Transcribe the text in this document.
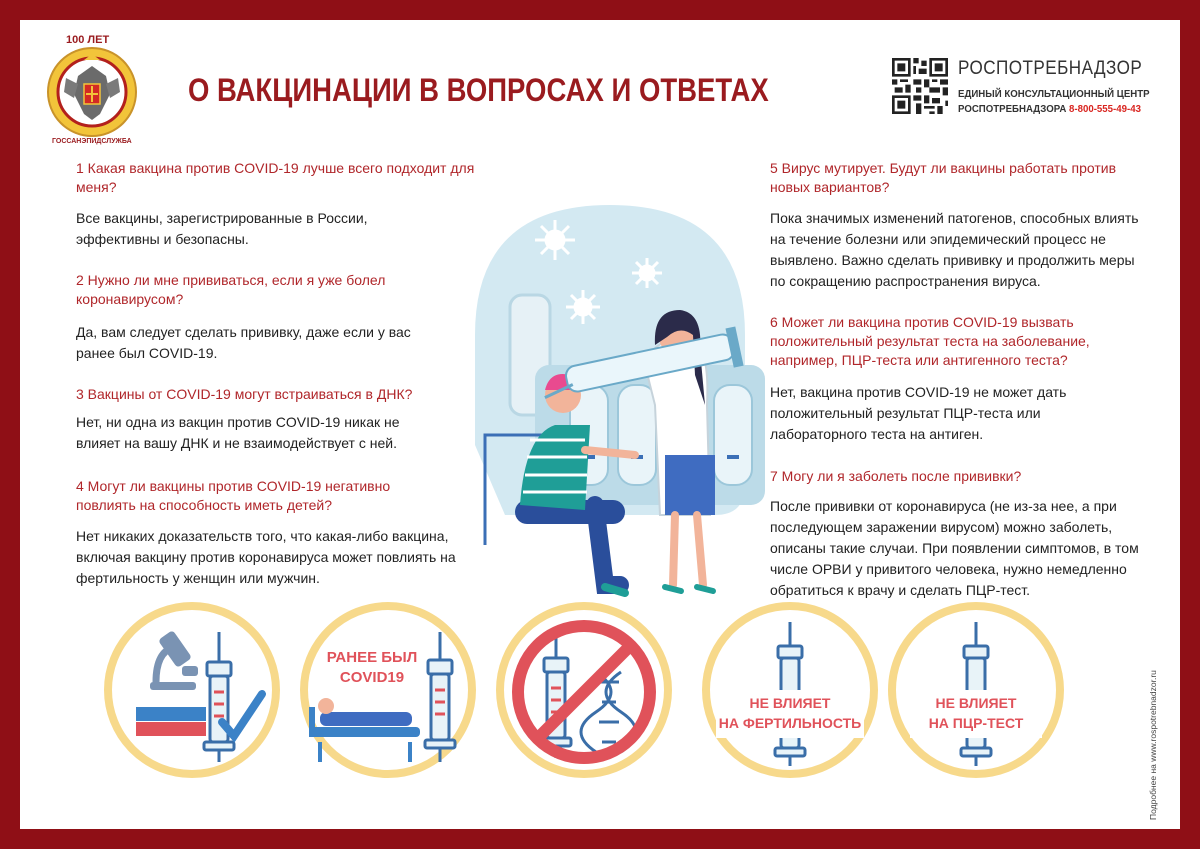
100 ЛЕТ
ГОССАНЭПИДСЛУЖБА
О ВАКЦИНАЦИИ В ВОПРОСАХ И ОТВЕТАХ
РОСПОТРЕБНАДЗОР
ЕДИНЫЙ КОНСУЛЬТАЦИОННЫЙ ЦЕНТР
РОСПОТРЕБНАДЗОРА 8-800-555-49-43
1 Какая вакцина против COVID-19 лучше всего подходит для меня?
Все вакцины, зарегистрированные в России, эффективны и безопасны.
2 Нужно ли мне прививаться, если я уже болел коронавирусом?
Да, вам следует сделать прививку, даже если у вас ранее был COVID-19.
3 Вакцины от COVID-19 могут встраиваться в ДНК?
Нет, ни одна из вакцин против COVID-19 никак не влияет на вашу ДНК и не взаимодействует с ней.
4 Могут ли вакцины против COVID-19 негативно повлиять на способность иметь детей?
Нет никаких доказательств того, что какая-либо вакцина, включая вакцину против коронавируса может повлиять на фертильность у женщин или мужчин.
5 Вирус мутирует. Будут ли вакцины работать против новых вариантов?
Пока значимых изменений патогенов, способных влиять на течение болезни или эпидемический процесс не выявлено. Важно сделать прививку и продолжить меры по сокращению распространения вируса.
6 Может ли вакцина против COVID-19 вызвать положительный результат теста на заболевание, например, ПЦР-теста или антигенного теста?
Нет, вакцина против COVID-19 не может дать положительный результат ПЦР-теста или лабораторного теста на антиген.
7 Могу ли я заболеть после прививки?
После прививки от коронавируса (не из-за нее, а при последующем заражении вирусом) можно заболеть, описаны такие случаи. При появлении симптомов, в том числе ОРВИ у привитого человека, нужно немедленно обратиться к врачу и сделать ПЦР-тест.
РАНЕЕ БЫЛ
COVID19
НЕ ВЛИЯЕТ
НА ФЕРТИЛЬНОСТЬ
НЕ ВЛИЯЕТ
НА ПЦР-ТЕСТ	Подробнее на www.rospotrebnadzor.ru
